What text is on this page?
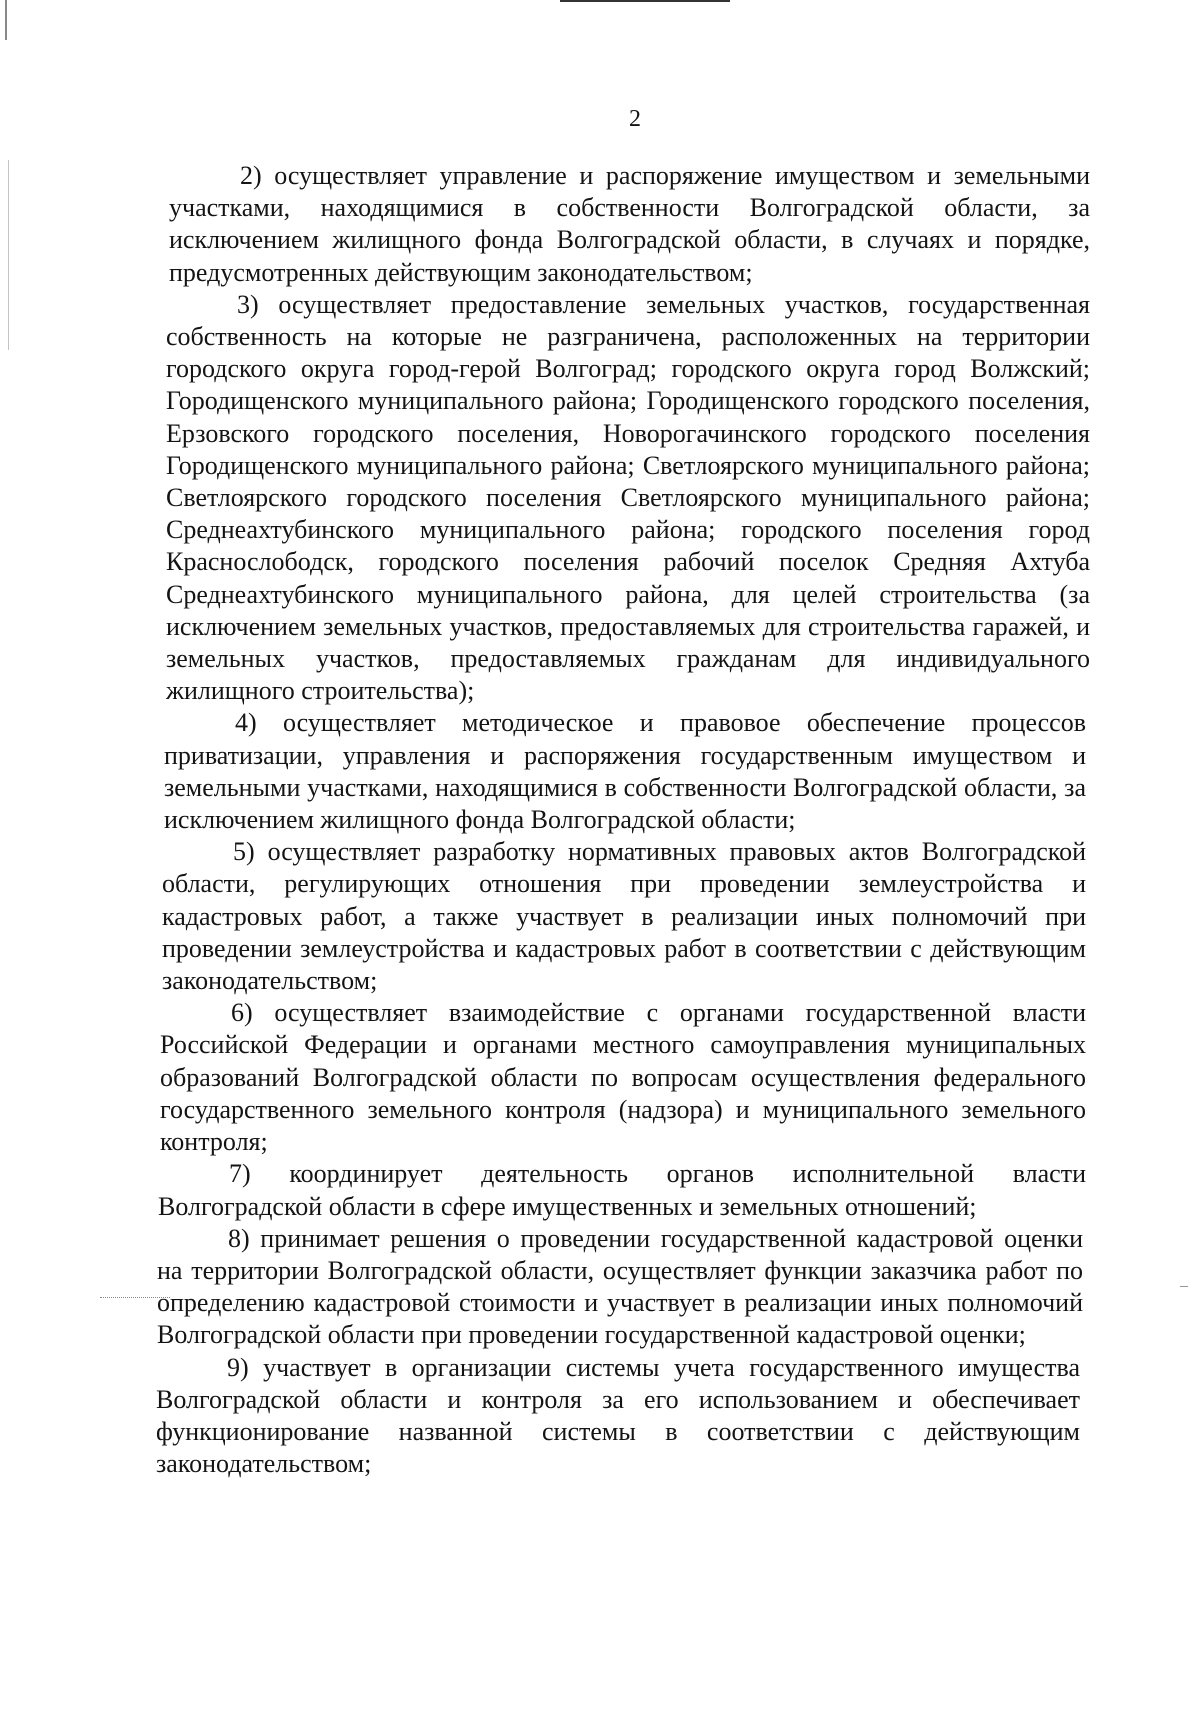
2

2) осуществляет управление и распоряжение имуществом и земельными участками, находящимися в собственности Волгоградской области, за исключением жилищного фонда Волгоградской области, в случаях и порядке, предусмотренных действующим законодательством;

3) осуществляет предоставление земельных участков, государственная собственность на которые не разграничена, расположенных на территории городского округа город-герой Волгоград; городского округа город Волжский; Городищенского муниципального района; Городищенского городского поселения, Ерзовского городского поселения, Новорогачинского городского поселения Городищенского муниципального района; Светлоярского муниципального района; Светлоярского городского поселения Светлоярского муниципального района; Среднеахтубинского муниципального района; городского поселения город Краснослободск, городского поселения рабочий поселок Средняя Ахтуба Среднеахтубинского муниципального района, для целей строительства (за исключением земельных участков, предоставляемых для строительства гаражей, и земельных участков, предоставляемых гражданам для индивидуального жилищного строительства);

4) осуществляет методическое и правовое обеспечение процессов приватизации, управления и распоряжения государственным имуществом и земельными участками, находящимися в собственности Волгоградской области, за исключением жилищного фонда Волгоградской области;

5) осуществляет разработку нормативных правовых актов Волгоградской области, регулирующих отношения при проведении землеустройства и кадастровых работ, а также участвует в реализации иных полномочий при проведении землеустройства и кадастровых работ в соответствии с действующим законодательством;

6) осуществляет взаимодействие с органами государственной власти Российской Федерации и органами местного самоуправления муниципальных образований Волгоградской области по вопросам осуществления федерального государственного земельного контроля (надзора) и муниципального земельного контроля;

7) координирует деятельность органов исполнительной власти Волгоградской области в сфере имущественных и земельных отношений;

8) принимает решения о проведении государственной кадастровой оценки на территории Волгоградской области, осуществляет функции заказчика работ по определению кадастровой стоимости и участвует в реализации иных полномочий Волгоградской области при проведении государственной кадастровой оценки;

9) участвует в организации системы учета государственного имущества Волгоградской области и контроля за его использованием и обеспечивает функционирование названной системы в соответствии с действующим законодательством;
